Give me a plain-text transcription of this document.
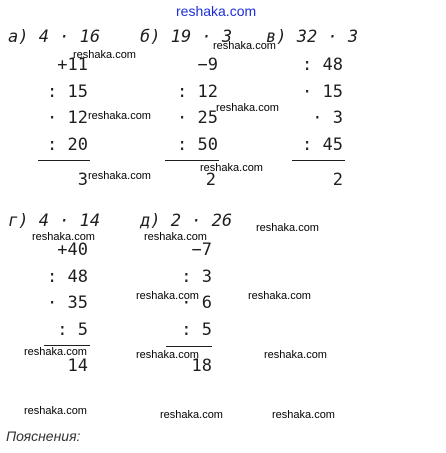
reshaka.com
а) 4 · 16
+11
: 15
· 12
: 20
3
б) 19 · 3
−9
: 12
· 25
: 50
2
в) 32 · 3
: 48
· 15
· 3
: 45
2
г) 4 · 14
+40
: 48
· 35
: 5
14
д) 2 · 26
−7
: 3
· 6
: 5
18
reshaka.com
reshaka.com
reshaka.com
reshaka.com
reshaka.com
reshaka.com
reshaka.com
reshaka.com	reshaka.com
reshaka.com	reshaka.com
reshaka.com	reshaka.com	reshaka.com
reshaka.com	reshaka.com	reshaka.com
Пояснения:
